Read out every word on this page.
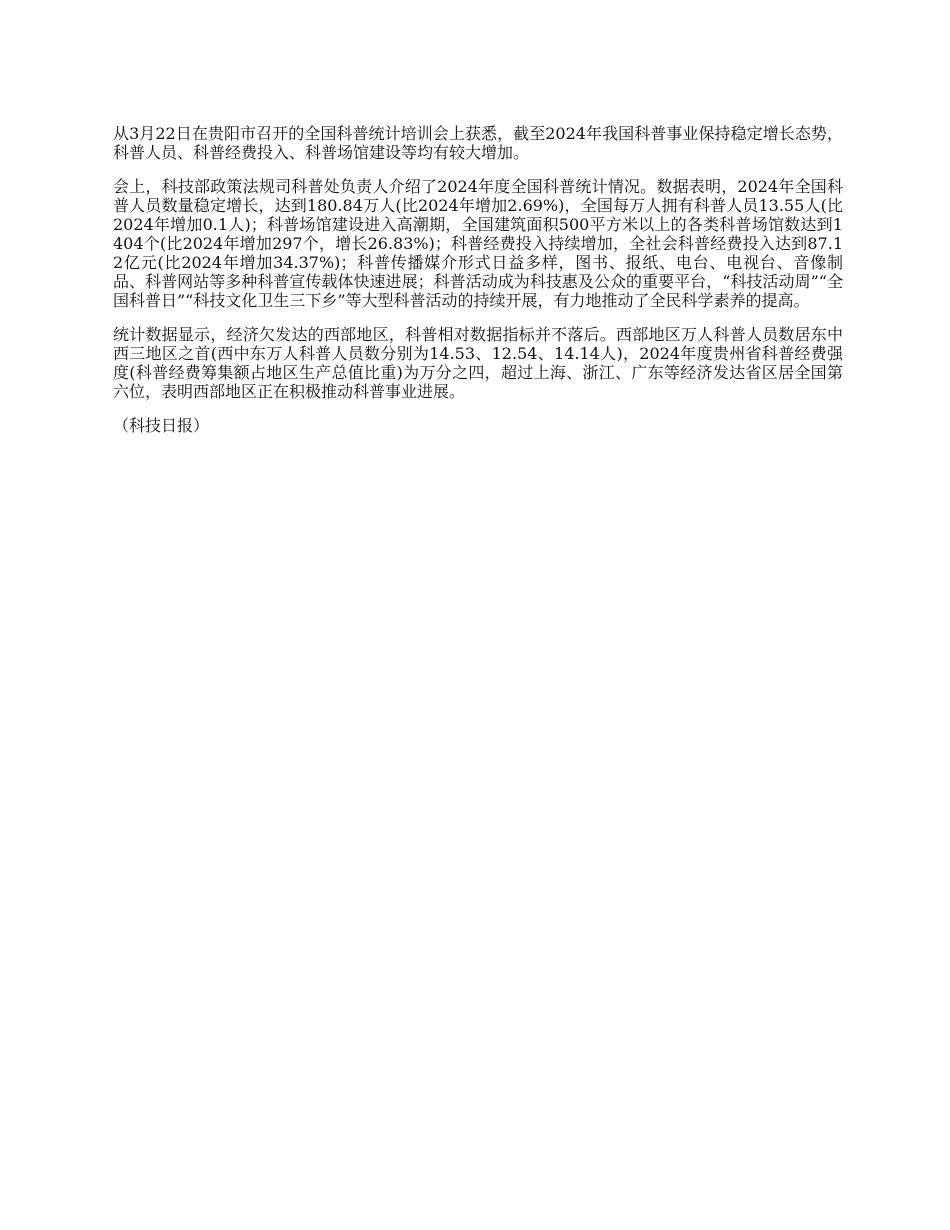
从3月22日在贵阳市召开的全国科普统计培训会上获悉，截至2024年我国科普事业保持稳定增长态势，科普人员、科普经费投入、科普场馆建设等均有较大增加。

会上，科技部政策法规司科普处负责人介绍了2024年度全国科普统计情况。数据表明，2024年全国科普人员数量稳定增长，达到180.84万人(比2024年增加2.69%)，全国每万人拥有科普人员13.55人(比2024年增加0.1人)；科普场馆建设进入高潮期，全国建筑面积500平方米以上的各类科普场馆数达到1404个(比2024年增加297个，增长26.83%)；科普经费投入持续增加，全社会科普经费投入达到87.12亿元(比2024年增加34.37%)；科普传播媒介形式日益多样，图书、报纸、电台、电视台、音像制品、科普网站等多种科普宣传载体快速进展；科普活动成为科技惠及公众的重要平台，“科技活动周”“全国科普日”“科技文化卫生三下乡”等大型科普活动的持续开展，有力地推动了全民科学素养的提高。

统计数据显示，经济欠发达的西部地区，科普相对数据指标并不落后。西部地区万人科普人员数居东中西三地区之首(西中东万人科普人员数分别为14.53、12.54、14.14人)，2024年度贵州省科普经费强度(科普经费筹集额占地区生产总值比重)为万分之四，超过上海、浙江、广东等经济发达省区居全国第六位，表明西部地区正在积极推动科普事业进展。

（科技日报）
